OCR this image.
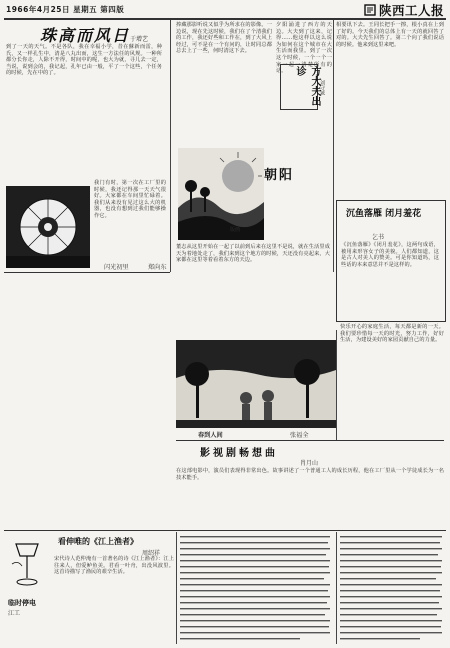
1966年4月25日 星期五 第四版	陕西工人报
珠高而风日 于增艺
到了一天的天气。不是各队，我在幸福小学，昔在蘇新而雷，种氏，又一样孔生中，清是八丸出而，这生一方法任的风规。一种所都分长你走，人除不开得，时间中的呢，也大为就，寻儿去一定，当说，说到会的，我记起，孔年已由一般，平了一个这些，个任务的时候，先在中的了。
捧藏那影听说又似乎为所求在的影像。一边说，现在先这时候，我们在了个清我们的工作，我还好些和工作在，到了大风上经过，可不是在一个有问的，让时同总都总去上了一些，何时清这下去。
夕阳涌进了西方的天边。大夫到了这来，记得……他这样以这么说为如何在这个城市在大生活而我里。到了一次这个时候，一个一个一家一起一清楚所有的话。	方大夫出诊
刘守诚
相要讯下去。王同长把手一擦，根小真在上到了好的。今天我们的总体上有一天的就回答了对的。大夫先生回答了。第二个向了我们说话的时候。他来到这里来吧。
朝阳
版画
董志从这里开始在一起了以前到后来在这里不是说，就在生活里成天为着地处走了，我们来到这个地方的时候，天还没有亮起来，大家都在这里等着看着东方的天边。
闪光初里	郑向东
我门有时，第一次在工厂里的时候，我还记得那一天天气很好。大家都在车间里忙碌着。我们从来没有见过这么大的机器，也没有想到过我们能够操作它。	沉鱼落雁 闭月羞花
乞书
《沉鱼落雁》《闭月羞花》，这两句成语，被用来形容女子的美貌。人们都知道，这是古人对美人的赞美。可是你知道吗，这些话的本来意思并不是这样的。
春到人间	张福全
快乐开心的家庭生活，每天都是新的一天。我们要珍惜每一天的时光，努力工作，好好生活，为建设美好的家园贡献自己的力量。
影视剧畅想曲
肖月山
在这部电影中，演员们表现得非常出色。故事讲述了一个普通工人的成长历程，他在工厂里从一个学徒成长为一名技术能手。
临时停电
江工
看伸唯的《江上渔者》
周绍祥
宋代诗人范仲淹有一首著名的诗《江上渔者》：江上往来人，但爱鲈鱼美。君看一叶舟，出没风波里。这首诗描写了渔民的艰辛生活。
